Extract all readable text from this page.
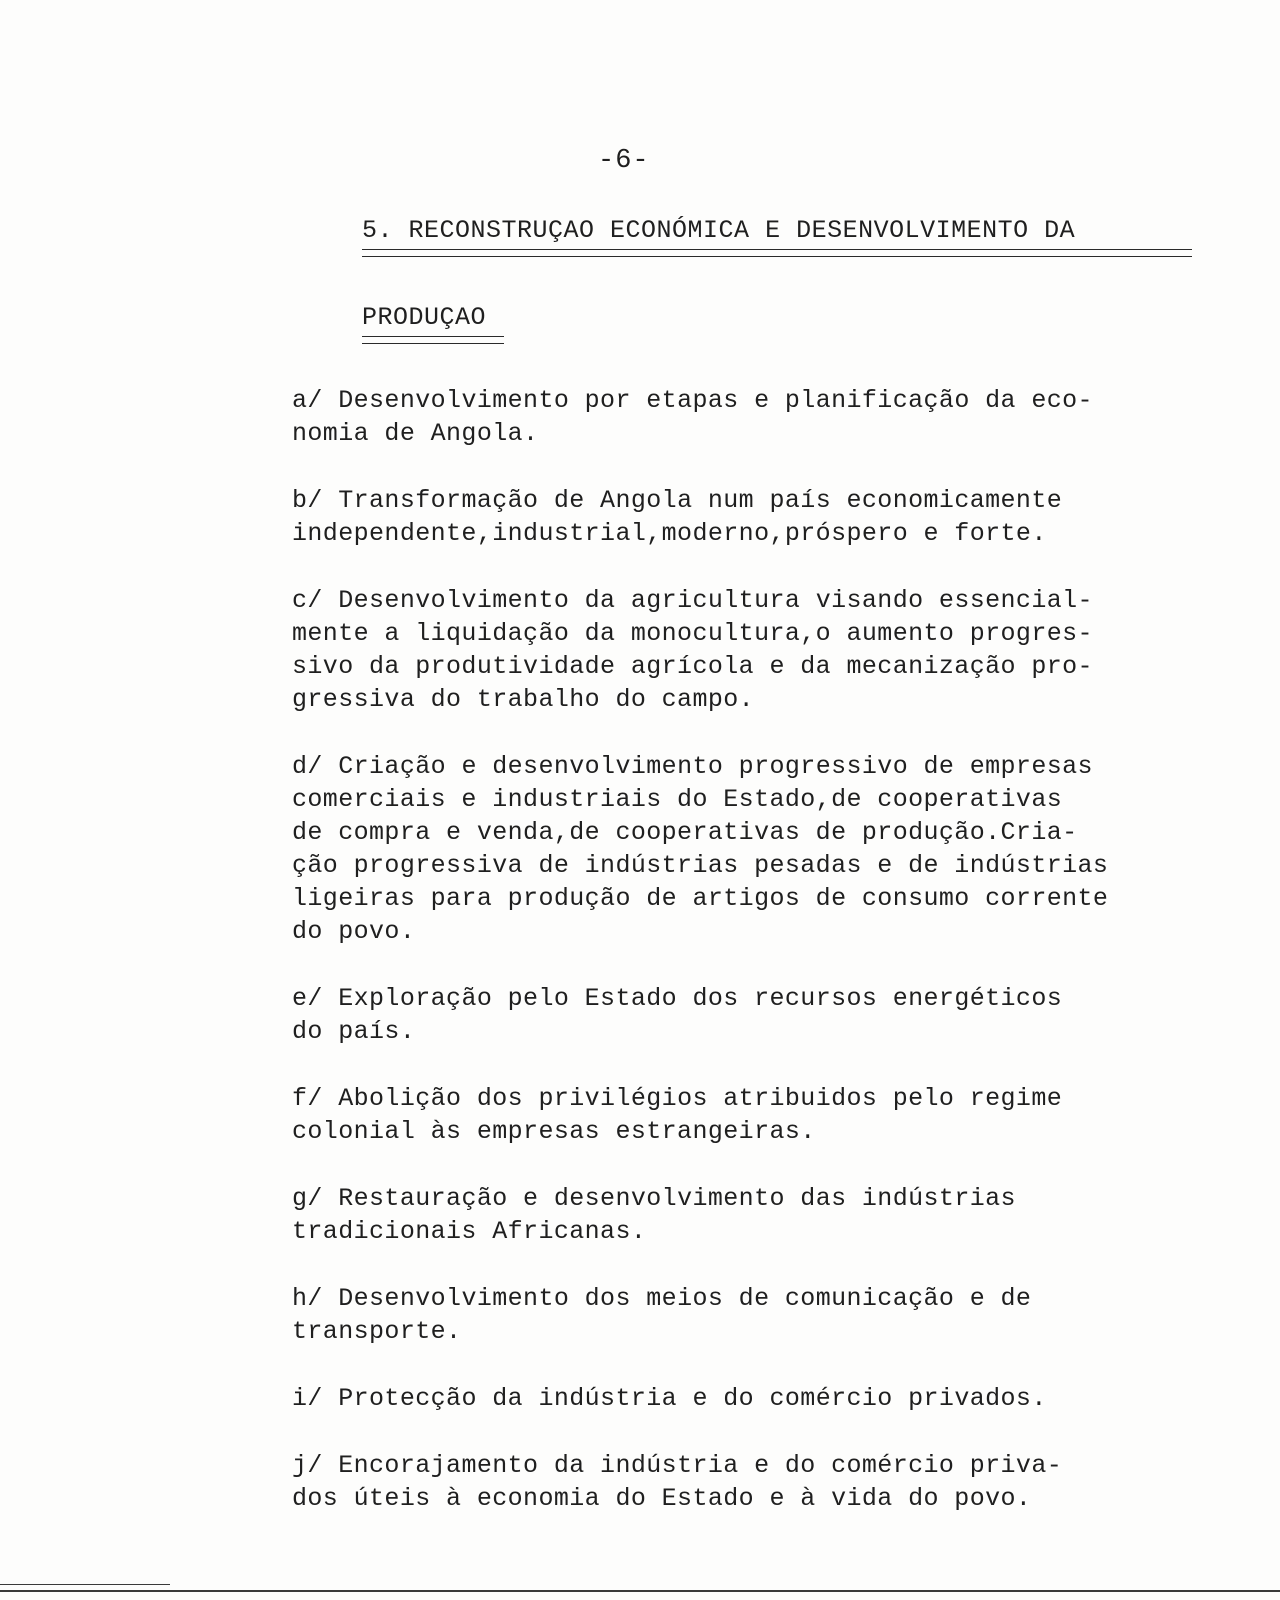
-6-
5. RECONSTRUÇAO ECONÓMICA E DESENVOLVIMENTO DA
PRODUÇAO
a/ Desenvolvimento por etapas e planificação da eco-
nomia de Angola.
b/ Transformação de Angola num país economicamente
independente,industrial,moderno,próspero e forte.
c/ Desenvolvimento da agricultura visando essencial-
mente a liquidação da monocultura,o aumento progres-
sivo da produtividade agrícola e da mecanização pro-
gressiva do trabalho do campo.
d/ Criação e desenvolvimento progressivo de empresas
comerciais e industriais do Estado,de cooperativas
de compra e venda,de cooperativas de produção.Cria-
ção progressiva de indústrias pesadas e de indústrias
ligeiras para produção de artigos de consumo corrente
do povo.
e/ Exploração pelo Estado dos recursos energéticos
do país.
f/ Abolição dos privilégios atribuidos pelo regime
colonial às empresas estrangeiras.
g/ Restauração e desenvolvimento das indústrias
tradicionais Africanas.
h/ Desenvolvimento dos meios de comunicação e de
transporte.
i/ Protecção da indústria e do comércio privados.
j/ Encorajamento da indústria e do comércio priva-
dos úteis à economia do Estado e à vida do povo.
